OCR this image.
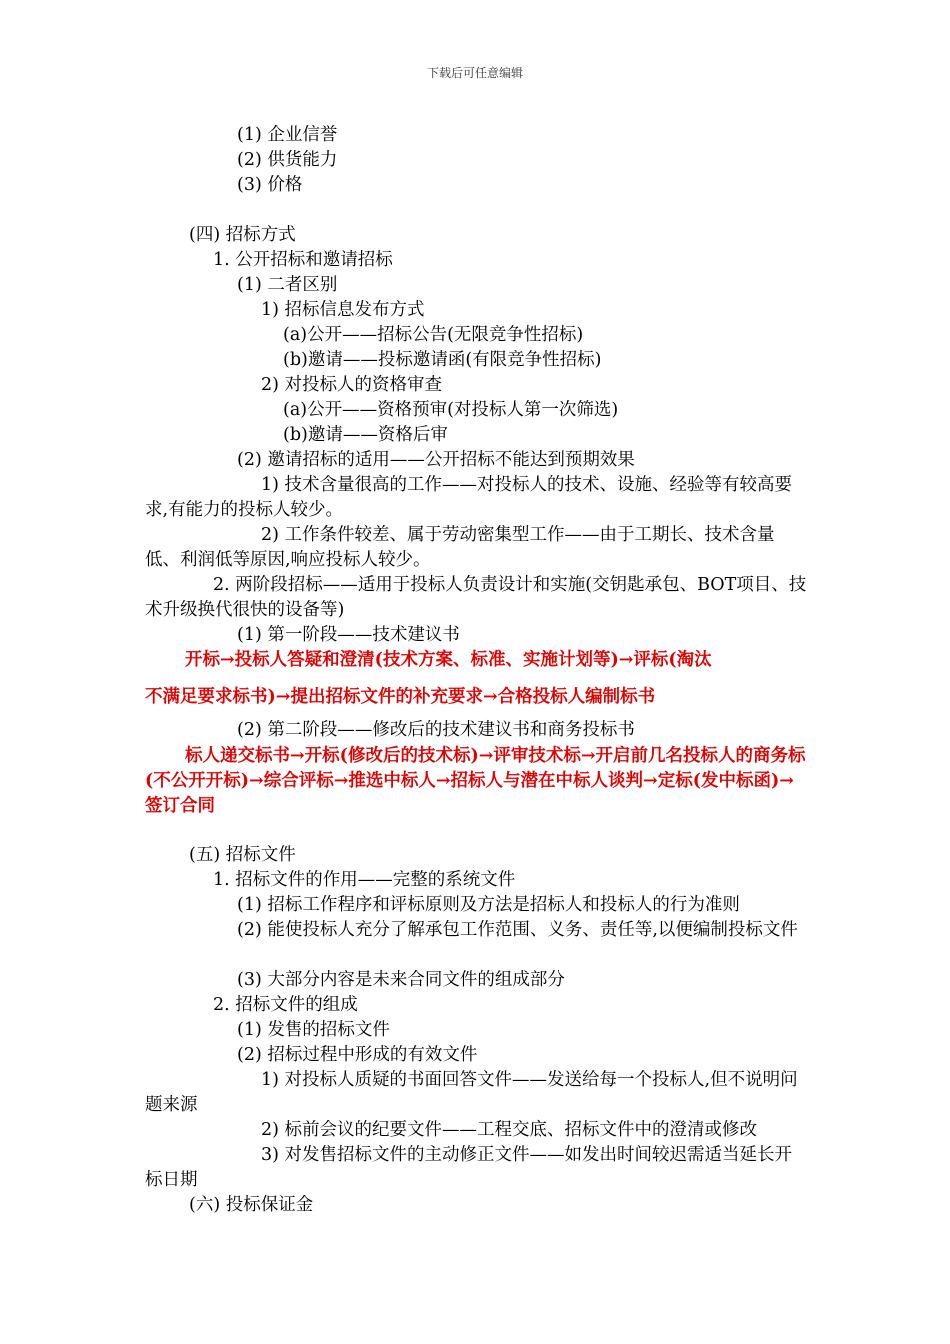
下载后可任意编辑
(1) 企业信誉
(2) 供货能力
(3) 价格
(四) 招标方式
1. 公开招标和邀请招标
(1) 二者区别
1) 招标信息发布方式
(a)公开——招标公告(无限竞争性招标)
(b)邀请——投标邀请函(有限竞争性招标)
2) 对投标人的资格审查
(a)公开——资格预审(对投标人第一次筛选)
(b)邀请——资格后审
(2) 邀请招标的适用——公开招标不能达到预期效果
1) 技术含量很高的工作——对投标人的技术、设施、经验等有较高要求,有能力的投标人较少。
2) 工作条件较差、属于劳动密集型工作——由于工期长、技术含量低、利润低等原因,响应投标人较少。
2. 两阶段招标——适用于投标人负责设计和实施(交钥匙承包、BOT项目、技术升级换代很快的设备等)
(1) 第一阶段——技术建议书
开标→投标人答疑和澄清(技术方案、标准、实施计划等)→评标(淘汰
不满足要求标书)→提出招标文件的补充要求→合格投标人编制标书
(2) 第二阶段——修改后的技术建议书和商务投标书
标人递交标书→开标(修改后的技术标)→评审技术标→开启前几名投标人的商务标(不公开开标)→综合评标→推选中标人→招标人与潜在中标人谈判→定标(发中标函)→签订合同
(五) 招标文件
1. 招标文件的作用——完整的系统文件
(1) 招标工作程序和评标原则及方法是招标人和投标人的行为准则
(2) 能使投标人充分了解承包工作范围、义务、责任等,以便编制投标文件
(3) 大部分内容是未来合同文件的组成部分
2. 招标文件的组成
(1) 发售的招标文件
(2) 招标过程中形成的有效文件
1) 对投标人质疑的书面回答文件——发送给每一个投标人,但不说明问题来源
2) 标前会议的纪要文件——工程交底、招标文件中的澄清或修改
3) 对发售招标文件的主动修正文件——如发出时间较迟需适当延长开标日期
(六) 投标保证金
